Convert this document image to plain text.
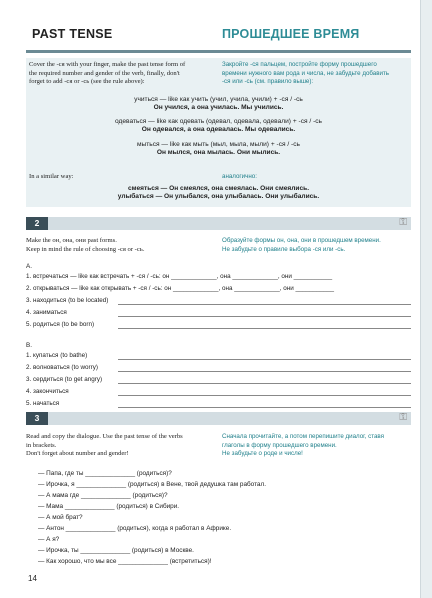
PAST TENSE	ПРОШЕДШЕЕ ВРЕМЯ
Cover the -ся with your finger, make the past tense form of
the required number and gender of the verb, finally, don't
forget to add -ся or -сь (see the rule above):
Закройте -ся пальцем, постройте форму прошедшего
времени нужного вам рода и числа, не забудьте добавить
-ся или -сь (см. правило выше):
учиться — like как учить (учил, учила, учили) + -ся / -сь
Он учился, а она училась. Мы учились.
одеваться — like как одевать (одевал, одевала, одевали) + -ся / -сь
Он одевался, а она одевалась. Мы одевались.
мыться — like как мыть (мыл, мыла, мыли) + -ся / -сь
Он мылся, она мылась. Они мылись.
In a similar way:	аналогично:
смеяться — Он смеялся, она смеялась. Они смеялись.
улыбаться — Он улыбался, она улыбалась. Они улыбались.
2	⚿
Make the он, она, они past forms.
Keep in mind the rule of choosing -ся or -сь.
Образуйте формы он, она, они в прошедшем времени.
Не забудьте о правиле выбора -ся или -сь.
A.
1. встречаться — like как встречать + -ся / -сь: он _____________, она _____________, они ___________
2. открываться — like как открывать + -ся / -сь: он _____________, она _____________, они ___________
3. находиться (to be located)
4. заниматься
5. родиться (to be born)
B.
1. купаться (to bathe)
2. волноваться (to worry)
3. сердиться (to get angry)
4. закончиться
5. начаться
3	⚿
Read and copy the dialogue. Use the past tense of the verbs
in brackets.
Don't forget about number and gender!
Сначала прочитайте, а потом перепишите диалог, ставя
глаголы в форму прошедшего времени.
Не забудьте о роде и числе!
— Папа, где ты ______________ (родиться)?
— Ирочка, я ______________ (родиться) в Вене, твой дедушка там работал.
— А мама где ______________ (родиться)?
— Мама ______________ (родиться) в Сибири.
— А мой брат?
— Антон ______________ (родиться), когда я работал в Африке.
— А я?
— Ирочка, ты ______________ (родиться) в Москве.
— Как хорошо, что мы все ______________ (встретиться)!
14
